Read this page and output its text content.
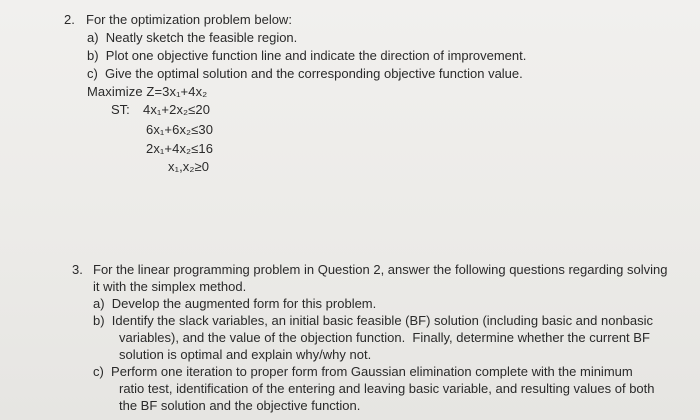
2. For the optimization problem below:
a)  Neatly sketch the feasible region.
b)  Plot one objective function line and indicate the direction of improvement.
c)  Give the optimal solution and the corresponding objective function value.
Maximize Z=3x₁+4x₂
ST: 4x₁+2x₂≤20
6x₁+6x₂≤30
2x₁+4x₂≤16
x₁,x₂≥0
3. For the linear programming problem in Question 2, answer the following questions regarding solving
it with the simplex method.
a)  Develop the augmented form for this problem.
b)  Identify the slack variables, an initial basic feasible (BF) solution (including basic and nonbasic
variables), and the value of the objection function.  Finally, determine whether the current BF
solution is optimal and explain why/why not.
c)  Perform one iteration to proper form from Gaussian elimination complete with the minimum
ratio test, identification of the entering and leaving basic variable, and resulting values of both
the BF solution and the objective function.
